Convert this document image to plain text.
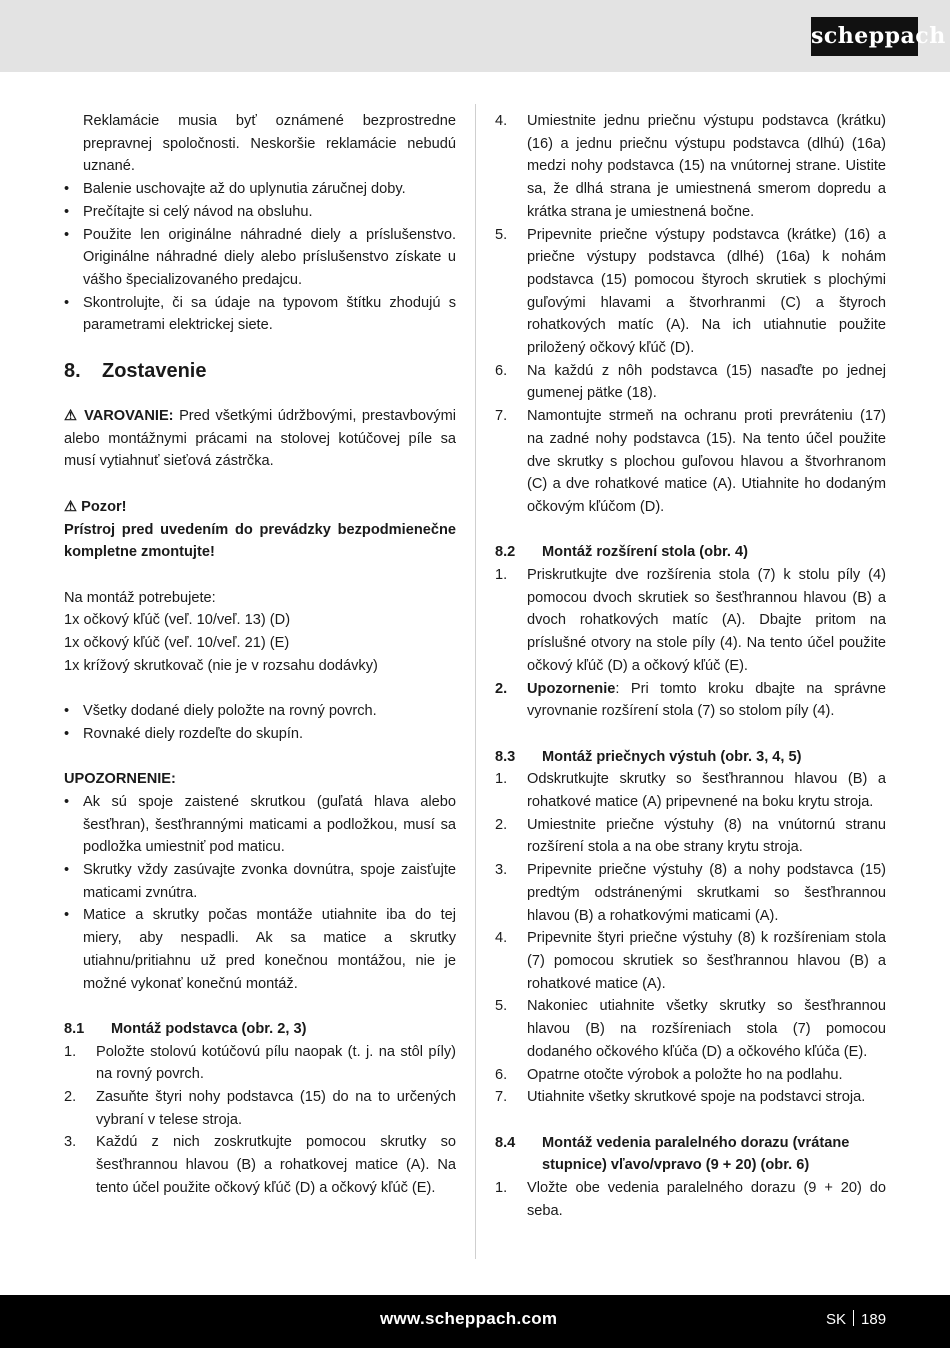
scheppach

Reklamácie musia byť oznámené bezprostredne prepravnej spoločnosti. Neskoršie reklamácie nebudú uznané.

• Balenie uschovajte až do uplynutia záručnej doby.
• Prečítajte si celý návod na obsluhu.
• Použite len originálne náhradné diely a príslušenstvo. Originálne náhradné diely alebo príslušenstvo získate u vášho špecializovaného predajcu.
• Skontrolujte, či sa údaje na typovom štítku zhodujú s parametrami elektrickej siete.
8. Zostavenie

⚠ VAROVANIE: Pred všetkými údržbovými, prestavbovými alebo montážnymi prácami na stolovej kotúčovej píle sa musí vytiahnuť sieťová zástrčka.

⚠ Pozor!

Prístroj pred uvedením do prevádzky bezpodmienečne kompletne zmontujte!

Na montáž potrebujete:

1x očkový kľúč (veľ. 10/veľ. 13) (D)

1x očkový kľúč (veľ. 10/veľ. 21) (E)

1x krížový skrutkovač (nie je v rozsahu dodávky)

• Všetky dodané diely položte na rovný povrch.
• Rovnaké diely rozdeľte do skupín.

UPOZORNENIE:

• Ak sú spoje zaistené skrutkou (guľatá hlava alebo šesťhran), šesťhrannými maticami a podložkou, musí sa podložka umiestniť pod maticu.
• Skrutky vždy zasúvajte zvonka dovnútra, spoje zaisťujte maticami zvnútra.
• Matice a skrutky počas montáže utiahnite iba do tej miery, aby nespadli. Ak sa matice a skrutky utiahnu/pritiahnu už pred konečnou montážou, nie je možné vykonať konečnú montáž.
8.1 Montáž podstavca (obr. 2, 3)
1. Položte stolovú kotúčovú pílu naopak (t. j. na stôl píly) na rovný povrch.
2. Zasuňte štyri nohy podstavca (15) do na to určených vybraní v telese stroja.
3. Každú z nich zoskrutkujte pomocou skrutky so šesťhrannou hlavou (B) a rohatkovej matice (A). Na tento účel použite očkový kľúč (D) a očkový kľúč (E).
4. Umiestnite jednu priečnu výstupu podstavca (krátku) (16) a jednu priečnu výstupu podstavca (dlhú) (16a) medzi nohy podstavca (15) na vnútornej strane. Uistite sa, že dlhá strana je umiestnená smerom dopredu a krátka strana je umiestnená bočne.
5. Pripevnite priečne výstupy podstavca (krátke) (16) a priečne výstupy podstavca (dlhé) (16a) k nohám podstavca (15) pomocou štyroch skrutiek s plochými guľovými hlavami a štvorhranmi (C) a štyroch rohatkových matíc (A). Na ich utiahnutie použite priložený očkový kľúč (D).
6. Na každú z nôh podstavca (15) nasaďte po jednej gumenej pätke (18).
7. Namontujte strmeň na ochranu proti prevráteniu (17) na zadné nohy podstavca (15). Na tento účel použite dve skrutky s plochou guľovou hlavou a štvorhranom (C) a dve rohatkové matice (A). Utiahnite ho dodaným očkovým kľúčom (D).
8.2 Montáž rozšírení stola (obr. 4)
1. Priskrutkujte dve rozšírenia stola (7) k stolu píly (4) pomocou dvoch skrutiek so šesťhrannou hlavou (B) a dvoch rohatkových matíc (A). Dbajte pritom na príslušné otvory na stole píly (4). Na tento účel použite očkový kľúč (D) a očkový kľúč (E).
2. Upozornenie: Pri tomto kroku dbajte na správne vyrovnanie rozšírení stola (7) so stolom píly (4).
8.3 Montáž priečnych výstuh (obr. 3, 4, 5)
1. Odskrutkujte skrutky so šesťhrannou hlavou (B) a rohatkové matice (A) pripevnené na boku krytu stroja.
2. Umiestnite priečne výstuhy (8) na vnútornú stranu rozšírení stola a na obe strany krytu stroja.
3. Pripevnite priečne výstuhy (8) a nohy podstavca (15) predtým odstránenými skrutkami so šesťhrannou hlavou (B) a rohatkovými maticami (A).
4. Pripevnite štyri priečne výstuhy (8) k rozšíreniam stola (7) pomocou skrutiek so šesťhrannou hlavou (B) a rohatkové matice (A).
5. Nakoniec utiahnite všetky skrutky so šesťhrannou hlavou (B) na rozšíreniach stola (7) pomocou dodaného očkového kľúča (D) a očkového kľúča (E).
6. Opatrne otočte výrobok a položte ho na podlahu.
7. Utiahnite všetky skrutkové spoje na podstavci stroja.
8.4 Montáž vedenia paralelného dorazu (vrátane stupnice) vľavo/vpravo (9 + 20) (obr. 6)
1. Vložte obe vedenia paralelného dorazu (9 + 20) do seba.
www.scheppach.com	SK 189
